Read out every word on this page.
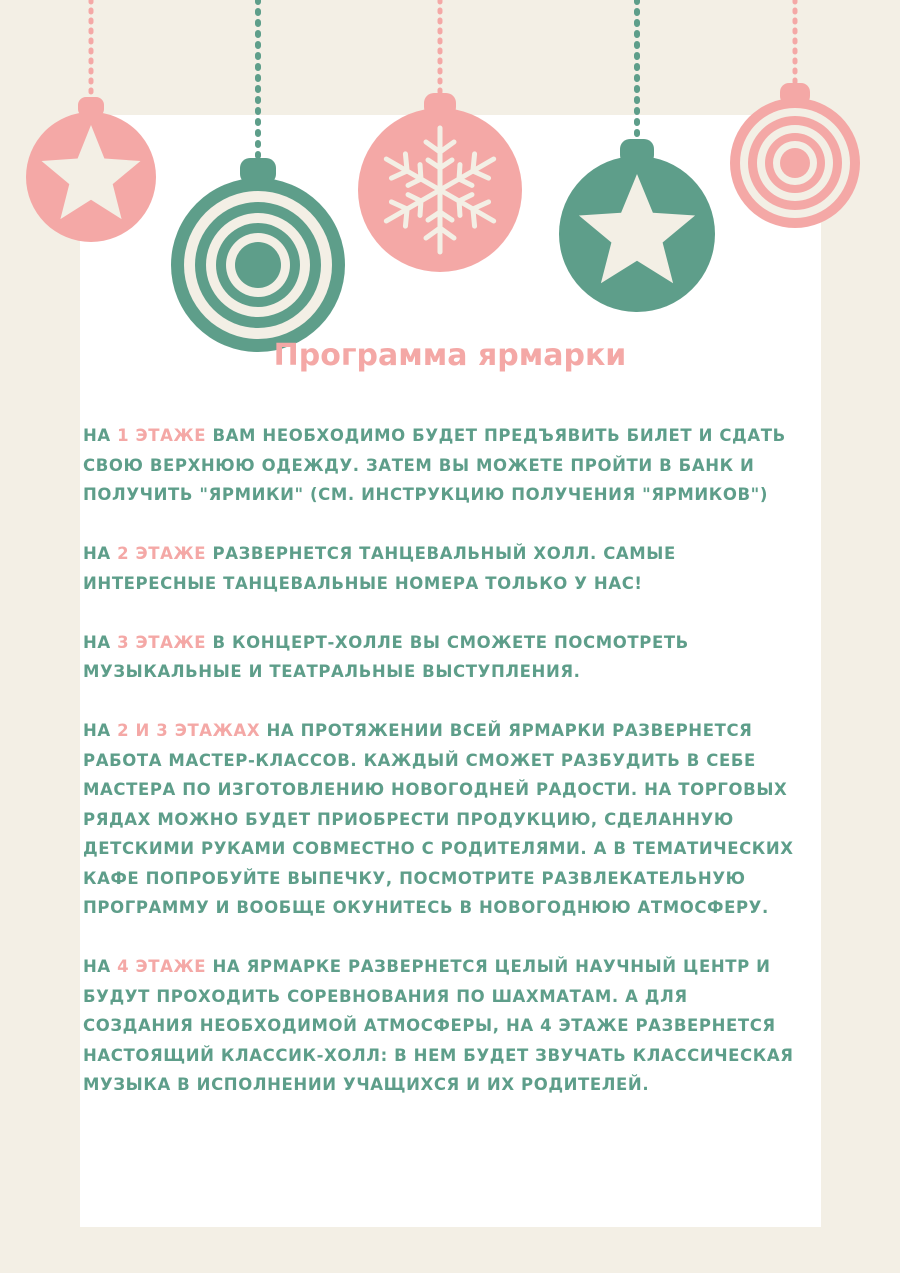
Программа ярмарки

НА 1 ЭТАЖЕ ВАМ НЕОБХОДИМО БУДЕТ ПРЕДЪЯВИТЬ БИЛЕТ И СДАТЬ СВОЮ ВЕРХНЮЮ ОДЕЖДУ. ЗАТЕМ ВЫ МОЖЕТЕ ПРОЙТИ В БАНК И ПОЛУЧИТЬ "ЯРМИКИ" (СМ. ИНСТРУКЦИЮ ПОЛУЧЕНИЯ "ЯРМИКОВ")

НА 2 ЭТАЖЕ РАЗВЕРНЕТСЯ ТАНЦЕВАЛЬНЫЙ ХОЛЛ. САМЫЕ ИНТЕРЕСНЫЕ ТАНЦЕВАЛЬНЫЕ НОМЕРА ТОЛЬКО У НАС!

НА 3 ЭТАЖЕ В КОНЦЕРТ-ХОЛЛЕ ВЫ СМОЖЕТЕ ПОСМОТРЕТЬ МУЗЫКАЛЬНЫЕ И ТЕАТРАЛЬНЫЕ ВЫСТУПЛЕНИЯ.

НА 2 И 3 ЭТАЖАХ НА ПРОТЯЖЕНИИ ВСЕЙ ЯРМАРКИ РАЗВЕРНЕТСЯ РАБОТА МАСТЕР-КЛАССОВ. КАЖДЫЙ СМОЖЕТ РАЗБУДИТЬ В СЕБЕ МАСТЕРА ПО ИЗГОТОВЛЕНИЮ НОВОГОДНЕЙ РАДОСТИ. НА ТОРГОВЫХ РЯДАХ МОЖНО БУДЕТ ПРИОБРЕСТИ ПРОДУКЦИЮ, СДЕЛАННУЮ ДЕТСКИМИ РУКАМИ СОВМЕСТНО С РОДИТЕЛЯМИ. А В ТЕМАТИЧЕСКИХ КАФЕ ПОПРОБУЙТЕ ВЫПЕЧКУ, ПОСМОТРИТЕ РАЗВЛЕКАТЕЛЬНУЮ ПРОГРАММУ И ВООБЩЕ ОКУНИТЕСЬ В НОВОГОДНЮЮ АТМОСФЕРУ.

НА 4 ЭТАЖЕ НА ЯРМАРКЕ РАЗВЕРНЕТСЯ ЦЕЛЫЙ НАУЧНЫЙ ЦЕНТР И БУДУТ ПРОХОДИТЬ СОРЕВНОВАНИЯ ПО ШАХМАТАМ. А ДЛЯ СОЗДАНИЯ НЕОБХОДИМОЙ АТМОСФЕРЫ, НА 4 ЭТАЖЕ РАЗВЕРНЕТСЯ НАСТОЯЩИЙ КЛАССИК-ХОЛЛ: В НЕМ БУДЕТ ЗВУЧАТЬ КЛАССИЧЕСКАЯ МУЗЫКА В ИСПОЛНЕНИИ УЧАЩИХСЯ И ИХ РОДИТЕЛЕЙ.
